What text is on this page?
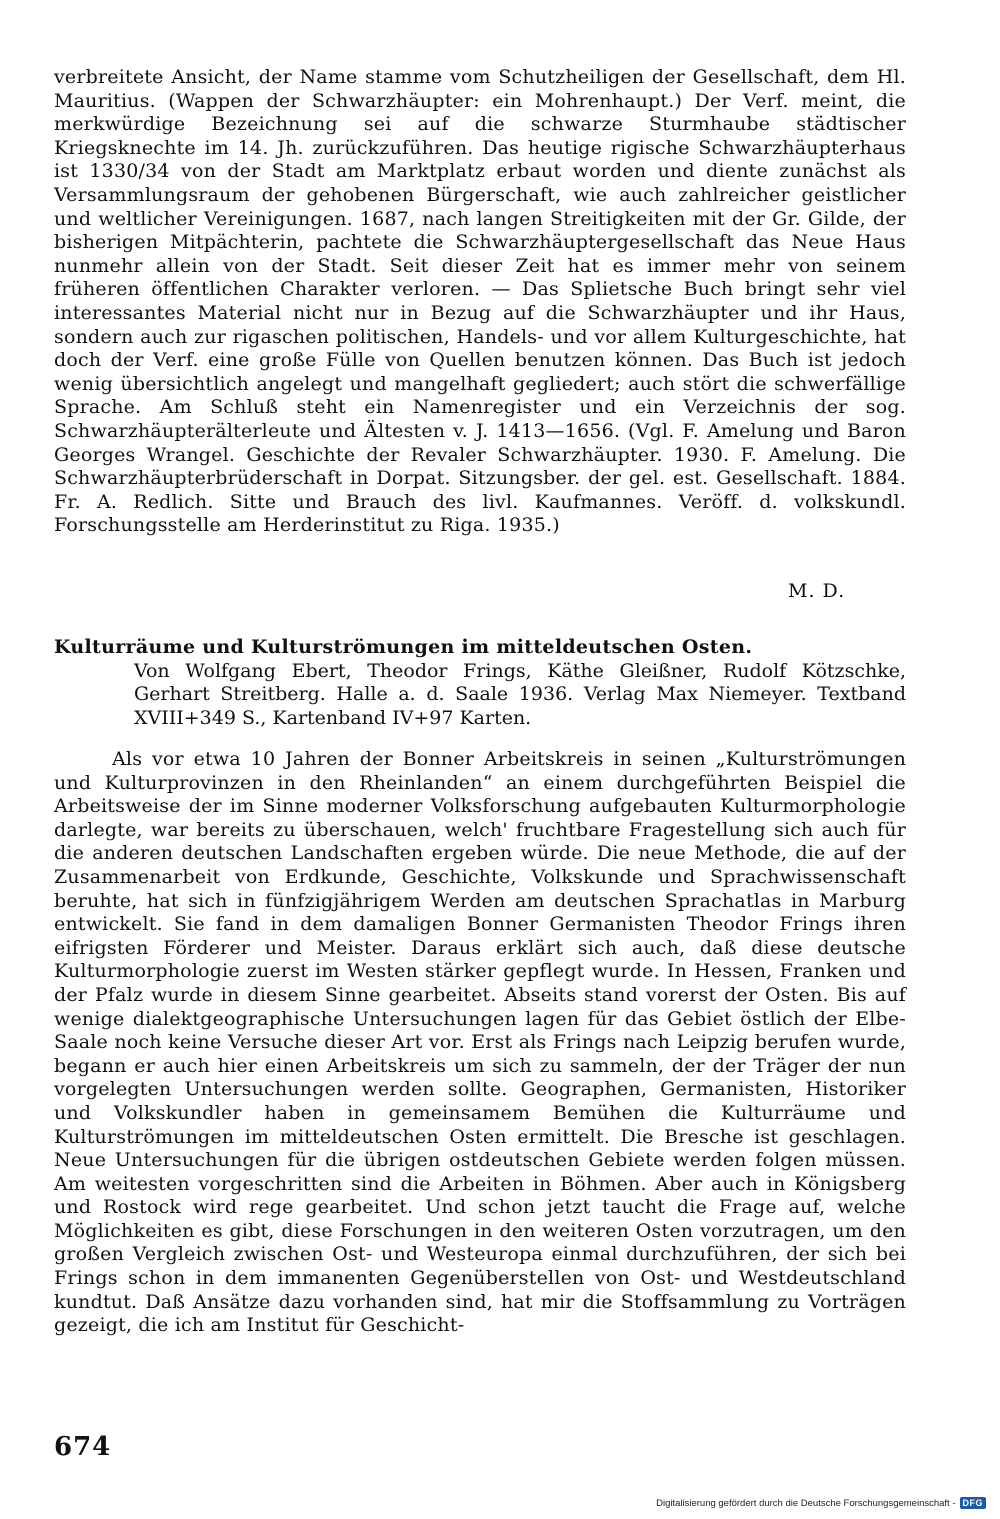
verbreitete Ansicht, der Name stamme vom Schutzheiligen der Gesellschaft, dem Hl. Mauritius. (Wappen der Schwarzhäupter: ein Mohrenhaupt.) Der Verf. meint, die merkwürdige Bezeichnung sei auf die schwarze Sturmhaube städtischer Kriegsknechte im 14. Jh. zurückzuführen. Das heutige rigische Schwarzhäupterhaus ist 1330/34 von der Stadt am Marktplatz erbaut worden und diente zunächst als Versammlungsraum der gehobenen Bürgerschaft, wie auch zahlreicher geistlicher und weltlicher Vereinigungen. 1687, nach langen Streitigkeiten mit der Gr. Gilde, der bisherigen Mitpächterin, pachtete die Schwarzhäuptergesellschaft das Neue Haus nunmehr allein von der Stadt. Seit dieser Zeit hat es immer mehr von seinem früheren öffentlichen Charakter verloren. — Das Splietsche Buch bringt sehr viel interessantes Material nicht nur in Bezug auf die Schwarzhäupter und ihr Haus, sondern auch zur rigaschen politischen, Handels- und vor allem Kulturgeschichte, hat doch der Verf. eine große Fülle von Quellen benutzen können. Das Buch ist jedoch wenig übersichtlich angelegt und mangelhaft gegliedert; auch stört die schwerfällige Sprache. Am Schluß steht ein Namenregister und ein Verzeichnis der sog. Schwarzhäupterälterleute und Ältesten v. J. 1413—1656. (Vgl. F. Amelung und Baron Georges Wrangel. Geschichte der Revaler Schwarzhäupter. 1930. F. Amelung. Die Schwarzhäupterbrüderschaft in Dorpat. Sitzungsber. der gel. est. Gesellschaft. 1884. Fr. A. Redlich. Sitte und Brauch des livl. Kaufmannes. Veröff. d. volkskundl. Forschungsstelle am Herderinstitut zu Riga. 1935.)

M. D.
Kulturräume und Kulturströmungen im mitteldeutschen Osten.
Von Wolfgang Ebert, Theodor Frings, Käthe Gleißner, Rudolf Kötzschke, Gerhart Streitberg. Halle a. d. Saale 1936. Verlag Max Niemeyer. Textband XVIII+349 S., Kartenband IV+97 Karten.

Als vor etwa 10 Jahren der Bonner Arbeitskreis in seinen „Kulturströmungen und Kulturprovinzen in den Rheinlanden“ an einem durchgeführten Beispiel die Arbeitsweise der im Sinne moderner Volksforschung aufgebauten Kulturmorphologie darlegte, war bereits zu überschauen, welch' fruchtbare Fragestellung sich auch für die anderen deutschen Landschaften ergeben würde. Die neue Methode, die auf der Zusammenarbeit von Erdkunde, Geschichte, Volkskunde und Sprachwissenschaft beruhte, hat sich in fünfzigjährigem Werden am deutschen Sprachatlas in Marburg entwickelt. Sie fand in dem damaligen Bonner Germanisten Theodor Frings ihren eifrigsten Förderer und Meister. Daraus erklärt sich auch, daß diese deutsche Kulturmorphologie zuerst im Westen stärker gepflegt wurde. In Hessen, Franken und der Pfalz wurde in diesem Sinne gearbeitet. Abseits stand vorerst der Osten. Bis auf wenige dialektgeographische Untersuchungen lagen für das Gebiet östlich der Elbe-Saale noch keine Versuche dieser Art vor. Erst als Frings nach Leipzig berufen wurde, begann er auch hier einen Arbeitskreis um sich zu sammeln, der der Träger der nun vorgelegten Untersuchungen werden sollte. Geographen, Germanisten, Historiker und Volkskundler haben in gemeinsamem Bemühen die Kulturräume und Kulturströmungen im mitteldeutschen Osten ermittelt. Die Bresche ist geschlagen. Neue Untersuchungen für die übrigen ostdeutschen Gebiete werden folgen müssen. Am weitesten vorgeschritten sind die Arbeiten in Böhmen. Aber auch in Königsberg und Rostock wird rege gearbeitet. Und schon jetzt taucht die Frage auf, welche Möglichkeiten es gibt, diese Forschungen in den weiteren Osten vorzutragen, um den großen Vergleich zwischen Ost- und Westeuropa einmal durchzuführen, der sich bei Frings schon in dem immanenten Gegenüberstellen von Ost- und Westdeutschland kundtut. Daß Ansätze dazu vorhanden sind, hat mir die Stoffsammlung zu Vorträgen gezeigt, die ich am Institut für Geschicht-

674
Digitalisierung gefördert durch die Deutsche Forschungsgemeinschaft - DFG
